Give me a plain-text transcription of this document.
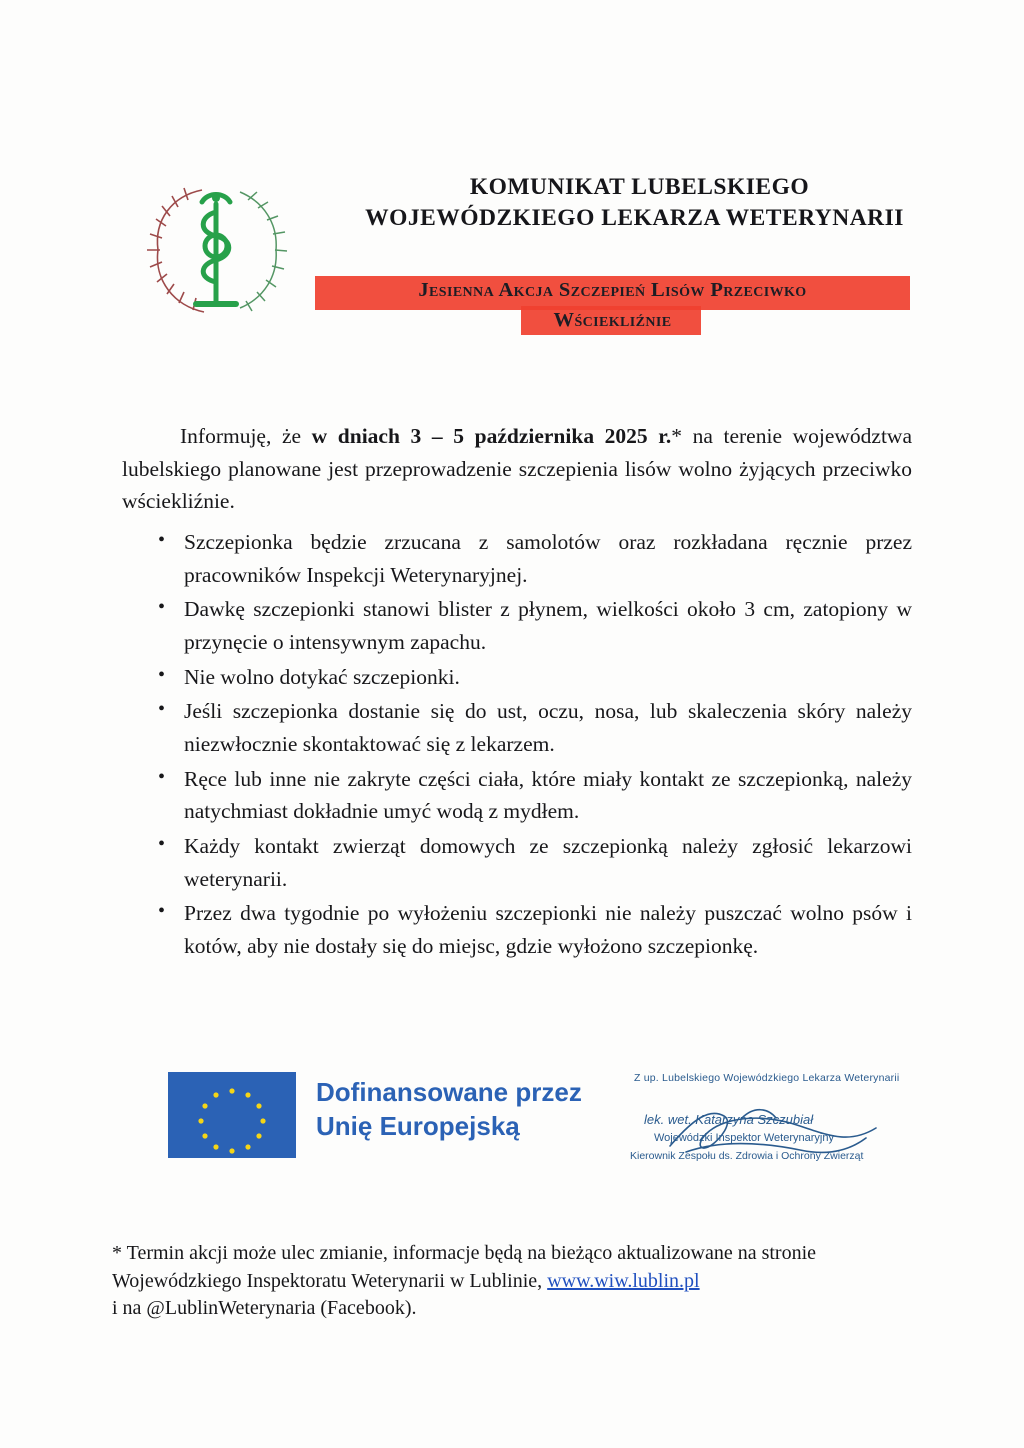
KOMUNIKAT LUBELSKIEGO
WOJEWÓDZKIEGO LEKARZA WETERYNARII
Jesienna Akcja Szczepień Lisów Przeciwko
Wściekliźnie

Informuję, że w dniach 3 – 5 października 2025 r.* na terenie województwa lubelskiego planowane jest przeprowadzenie szczepienia lisów wolno żyjących przeciwko wściekliźnie.

• Szczepionka będzie zrzucana z samolotów oraz rozkładana ręcznie przez pracowników Inspekcji Weterynaryjnej.
• Dawkę szczepionki stanowi blister z płynem, wielkości około 3 cm, zatopiony w przynęcie o intensywnym zapachu.
• Nie wolno dotykać szczepionki.
• Jeśli szczepionka dostanie się do ust, oczu, nosa, lub skaleczenia skóry należy niezwłocznie skontaktować się z lekarzem.
• Ręce lub inne nie zakryte części ciała, które miały kontakt ze szczepionką, należy natychmiast dokładnie umyć wodą z mydłem.
• Każdy kontakt zwierząt domowych ze szczepionką należy zgłosić lekarzowi weterynarii.
• Przez dwa tygodnie po wyłożeniu szczepionki nie należy puszczać wolno psów i kotów, aby nie dostały się do miejsc, gdzie wyłożono szczepionkę.
Dofinansowane przez
Unię Europejską
Z up. Lubelskiego Wojewódzkiego Lekarza Weterynarii
lek. wet. Katarzyna Szczubiał
Wojewódzki Inspektor Weterynaryjny
Kierownik Zespołu ds. Zdrowia i Ochrony Zwierząt
* Termin akcji może ulec zmianie, informacje będą na bieżąco aktualizowane na stronie Wojewódzkiego Inspektoratu Weterynarii w Lublinie, www.wiw.lublin.pl
i na @LublinWeterynaria (Facebook).
